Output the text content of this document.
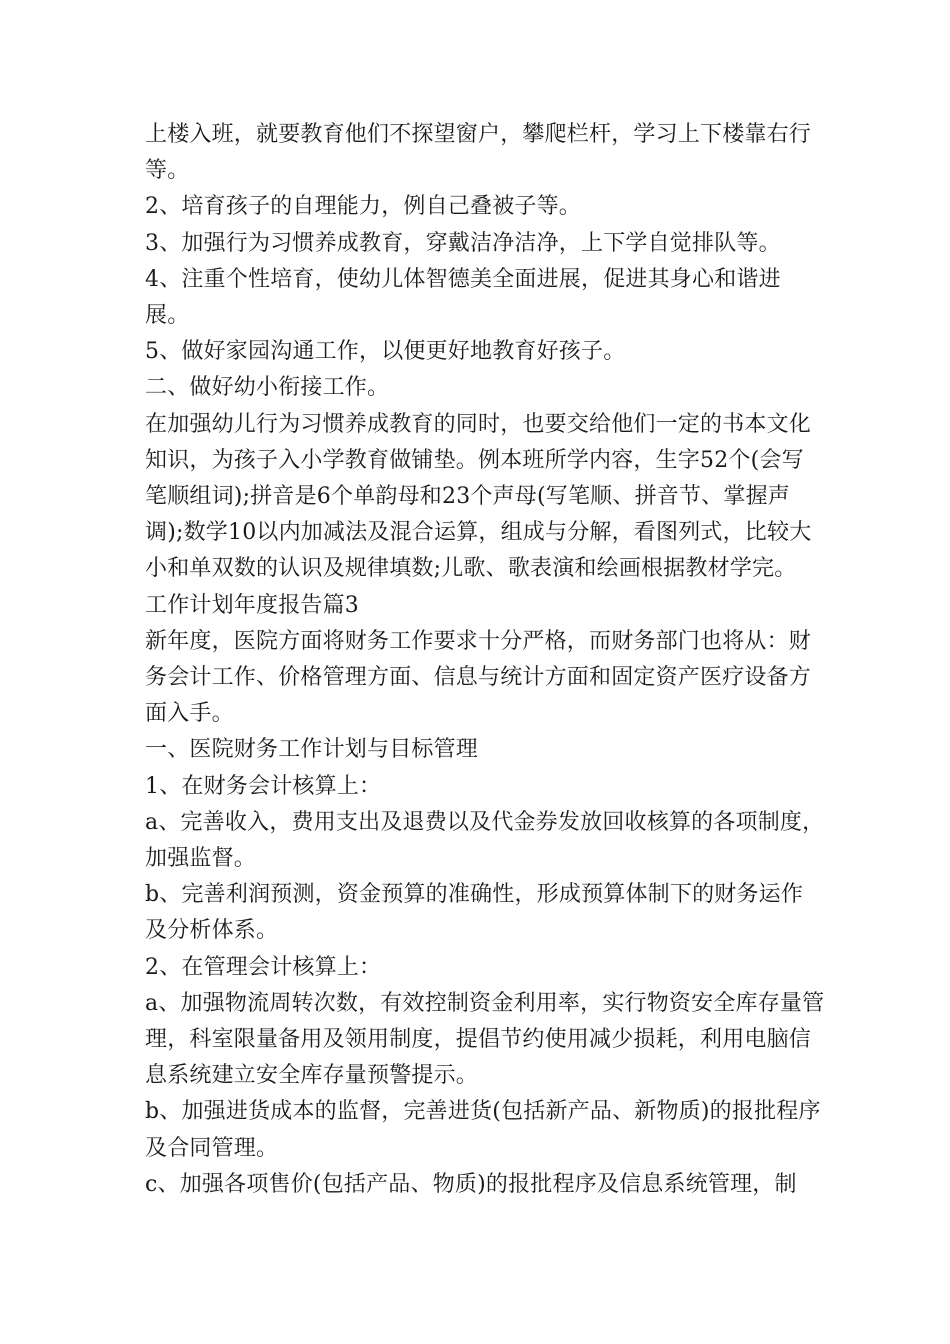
上楼入班，就要教育他们不探望窗户，攀爬栏杆，学习上下楼靠右行等。

2、培育孩子的自理能力，例自己叠被子等。

3、加强行为习惯养成教育，穿戴洁净洁净，上下学自觉排队等。

4、注重个性培育，使幼儿体智德美全面进展，促进其身心和谐进展。

5、做好家园沟通工作，以便更好地教育好孩子。

二、做好幼小衔接工作。

在加强幼儿行为习惯养成教育的同时，也要交给他们一定的书本文化知识，为孩子入小学教育做铺垫。例本班所学内容，生字52个(会写笔顺组词);拼音是6个单韵母和23个声母(写笔顺、拼音节、掌握声调);数学10以内加减法及混合运算，组成与分解，看图列式，比较大小和单双数的认识及规律填数;儿歌、歌表演和绘画根据教材学完。

工作计划年度报告篇3

新年度，医院方面将财务工作要求十分严格，而财务部门也将从：财务会计工作、价格管理方面、信息与统计方面和固定资产医疗设备方面入手。

一、医院财务工作计划与目标管理

1、在财务会计核算上：

a、完善收入，费用支出及退费以及代金券发放回收核算的各项制度，加强监督。

b、完善利润预测，资金预算的准确性，形成预算体制下的财务运作及分析体系。

2、在管理会计核算上：

a、加强物流周转次数，有效控制资金利用率，实行物资安全库存量管理，科室限量备用及领用制度，提倡节约使用减少损耗，利用电脑信息系统建立安全库存量预警提示。

b、加强进货成本的监督，完善进货(包括新产品、新物质)的报批程序及合同管理。

c、加强各项售价(包括产品、物质)的报批程序及信息系统管理，制
